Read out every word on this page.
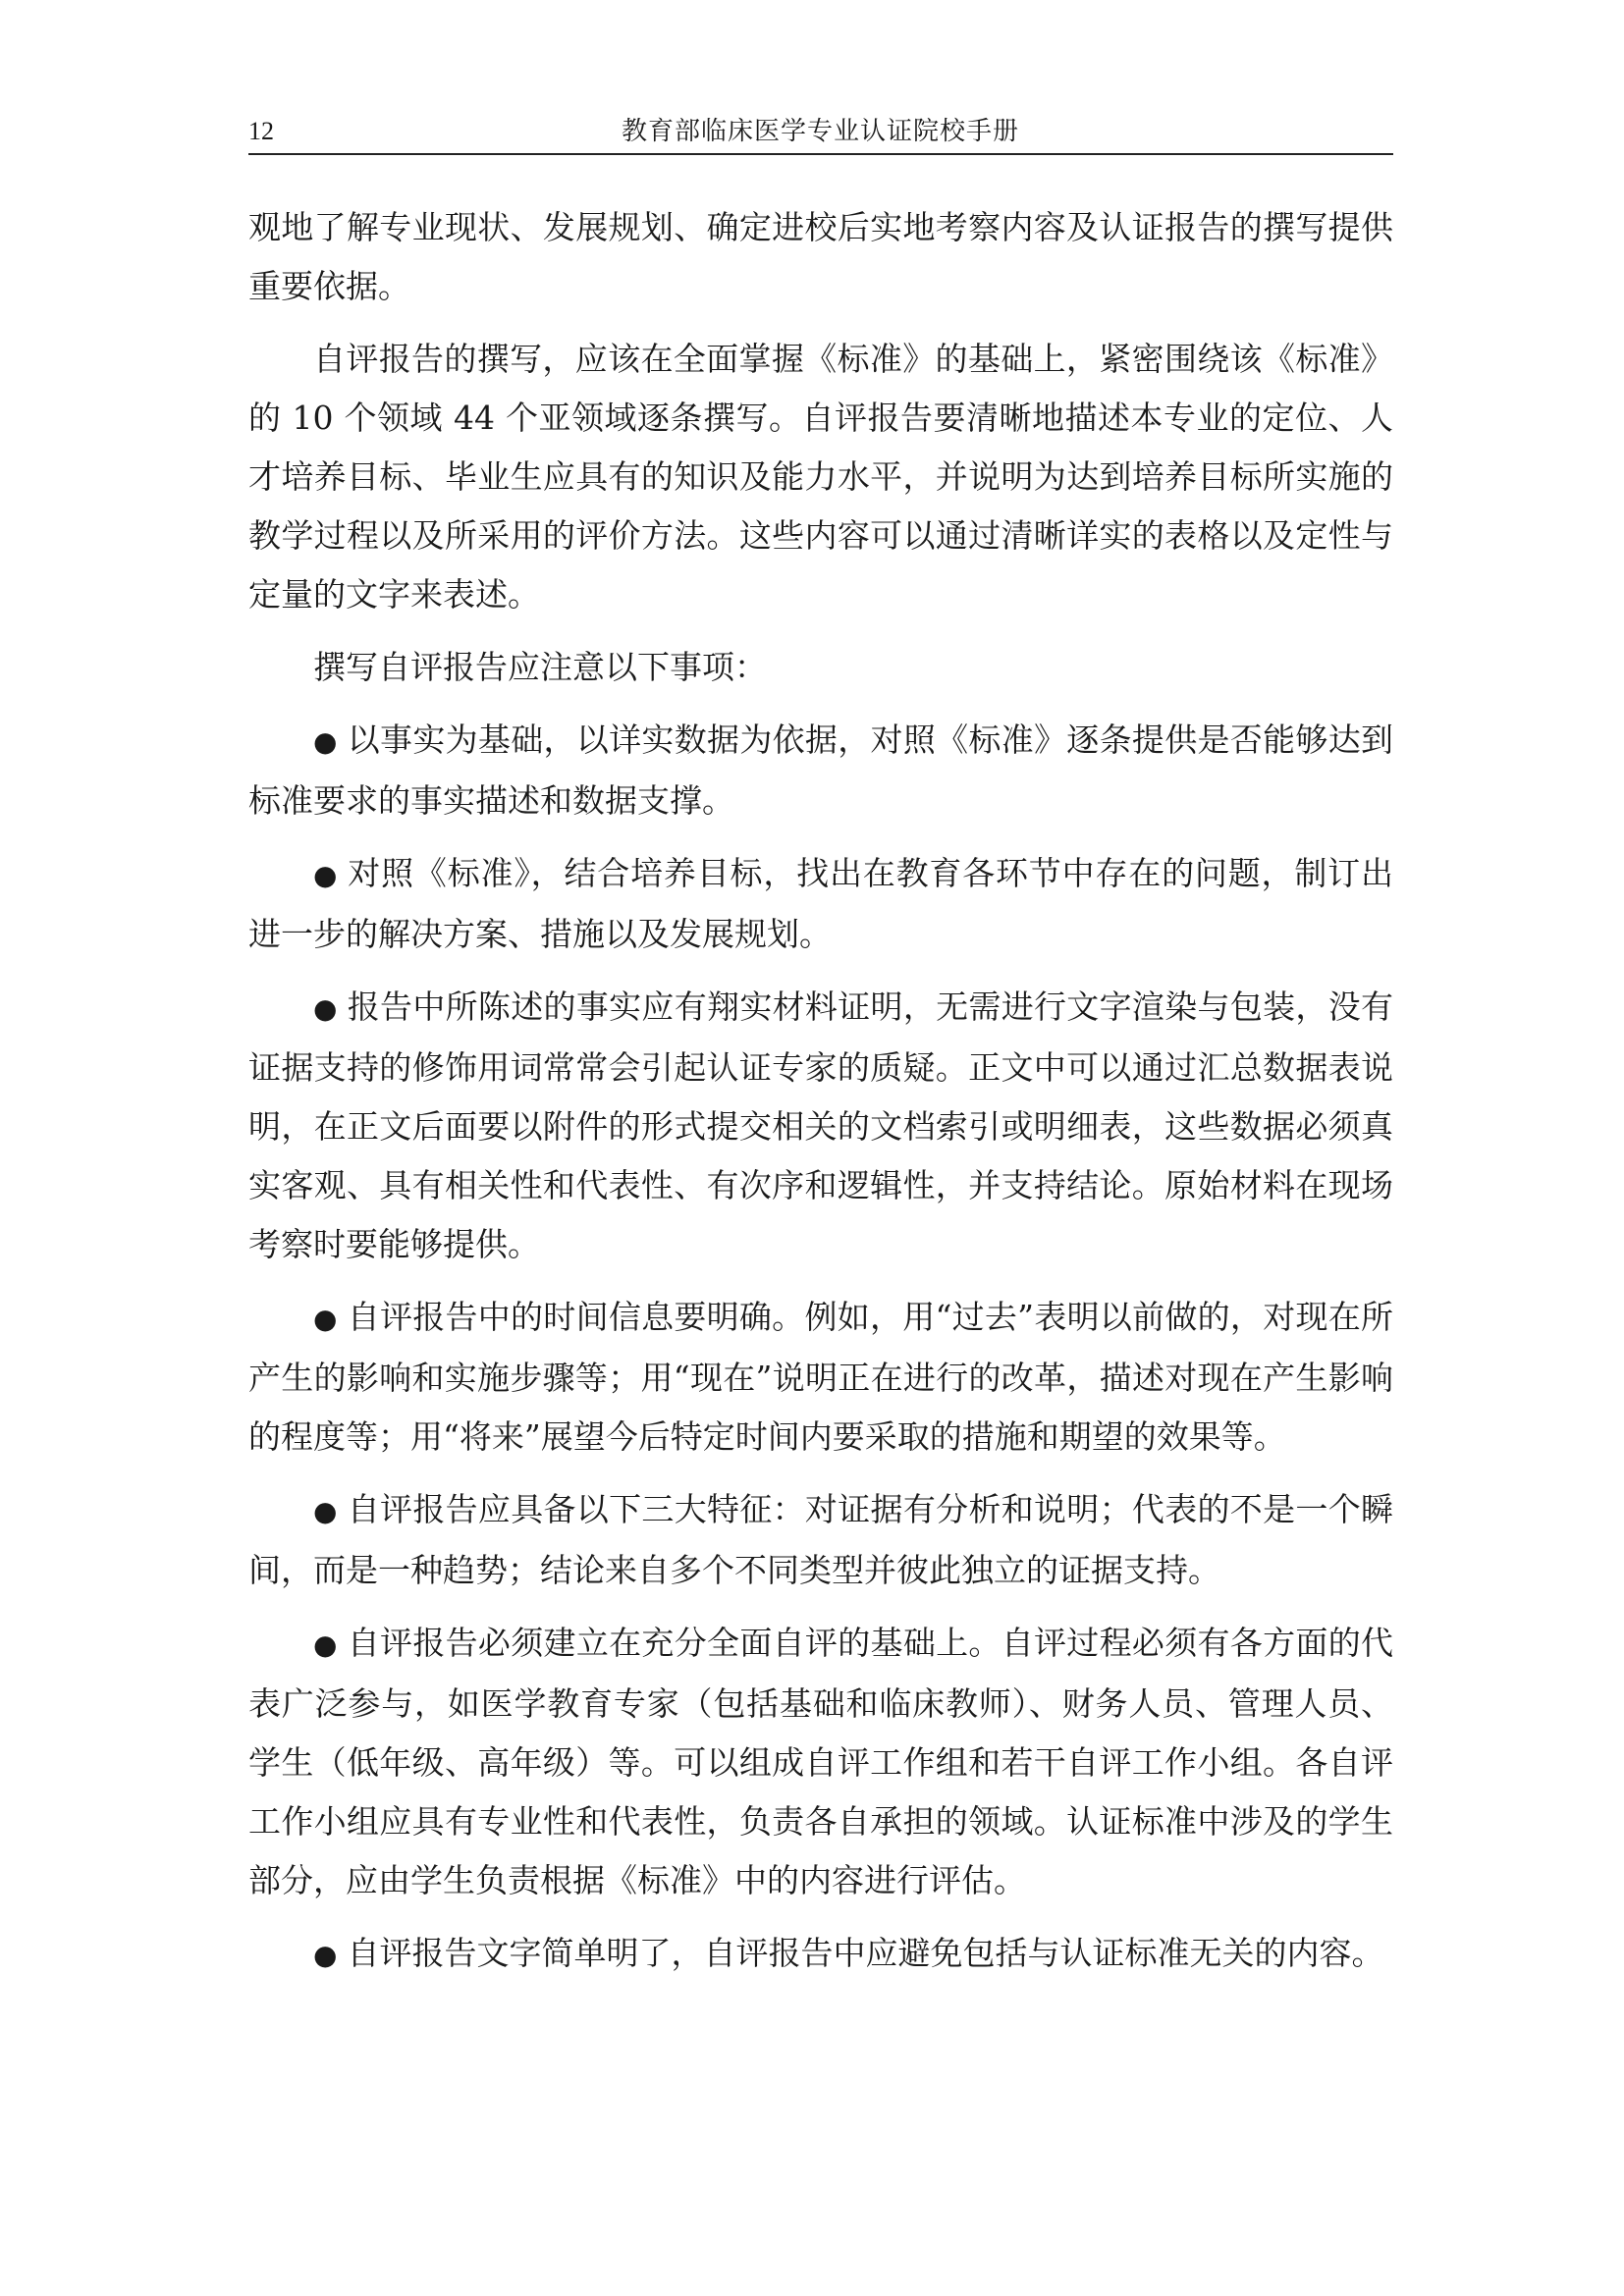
12	教育部临床医学专业认证院校手册

观地了解专业现状、发展规划、确定进校后实地考察内容及认证报告的撰写提供重要依据。

自评报告的撰写，应该在全面掌握《标准》的基础上，紧密围绕该《标准》的 10 个领域 44 个亚领域逐条撰写。自评报告要清晰地描述本专业的定位、人才培养目标、毕业生应具有的知识及能力水平，并说明为达到培养目标所实施的教学过程以及所采用的评价方法。这些内容可以通过清晰详实的表格以及定性与定量的文字来表述。

撰写自评报告应注意以下事项：

● 以事实为基础，以详实数据为依据，对照《标准》逐条提供是否能够达到标准要求的事实描述和数据支撑。

● 对照《标准》，结合培养目标，找出在教育各环节中存在的问题，制订出进一步的解决方案、措施以及发展规划。

● 报告中所陈述的事实应有翔实材料证明，无需进行文字渲染与包装，没有证据支持的修饰用词常常会引起认证专家的质疑。正文中可以通过汇总数据表说明，在正文后面要以附件的形式提交相关的文档索引或明细表，这些数据必须真实客观、具有相关性和代表性、有次序和逻辑性，并支持结论。原始材料在现场考察时要能够提供。

● 自评报告中的时间信息要明确。例如，用“过去”表明以前做的，对现在所产生的影响和实施步骤等；用“现在”说明正在进行的改革，描述对现在产生影响的程度等；用“将来”展望今后特定时间内要采取的措施和期望的效果等。

● 自评报告应具备以下三大特征：对证据有分析和说明；代表的不是一个瞬间，而是一种趋势；结论来自多个不同类型并彼此独立的证据支持。

● 自评报告必须建立在充分全面自评的基础上。自评过程必须有各方面的代表广泛参与，如医学教育专家（包括基础和临床教师）、财务人员、管理人员、学生（低年级、高年级）等。可以组成自评工作组和若干自评工作小组。各自评工作小组应具有专业性和代表性，负责各自承担的领域。认证标准中涉及的学生部分，应由学生负责根据《标准》中的内容进行评估。

● 自评报告文字简单明了，自评报告中应避免包括与认证标准无关的内容。
